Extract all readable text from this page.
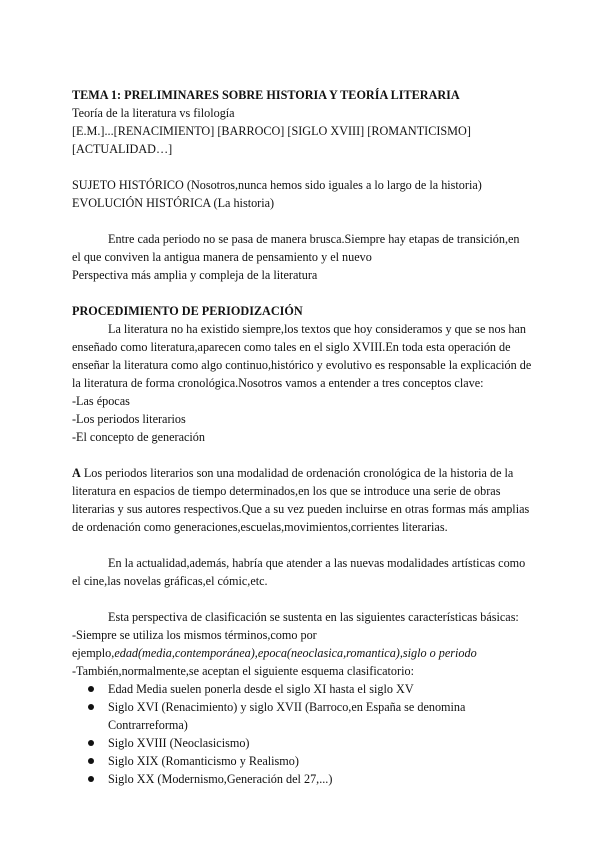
TEMA 1: PRELIMINARES SOBRE HISTORIA Y TEORÍA LITERARIA
Teoría de la literatura vs filología
[E.M.]...[RENACIMIENTO] [BARROCO] [SIGLO XVIII] [ROMANTICISMO]
[ACTUALIDAD…]
SUJETO HISTÓRICO (Nosotros,nunca hemos sido iguales a lo largo de la historia)
EVOLUCIÓN HISTÓRICA (La historia)
Entre cada periodo no se pasa de manera brusca.Siempre hay etapas de transición,en
el que conviven la antigua manera de pensamiento y el nuevo
Perspectiva más amplia y compleja de la literatura
PROCEDIMIENTO DE PERIODIZACIÓN
La literatura no ha existido siempre,los textos que hoy consideramos y que se nos han
enseñado como literatura,aparecen como tales en el siglo XVIII.En toda esta operación de
enseñar la literatura como algo continuo,histórico y evolutivo es responsable la explicación de
la literatura de forma cronológica.Nosotros vamos a entender a tres conceptos clave:
-Las épocas
-Los periodos literarios
-El concepto de generación
A Los periodos literarios son una modalidad de ordenación cronológica de la historia de la
literatura en espacios de tiempo determinados,en los que se introduce una serie de obras
literarias y sus autores respectivos.Que a su vez pueden incluirse en otras formas más amplias
de ordenación como generaciones,escuelas,movimientos,corrientes literarias.
En la actualidad,además, habría que atender a las nuevas modalidades artísticas como
el cine,las novelas gráficas,el cómic,etc.
Esta perspectiva de clasificación se sustenta en las siguientes características básicas:
-Siempre se utiliza los mismos términos,como por
ejemplo,edad(media,contemporánea),epoca(neoclasica,romantica),siglo o periodo
-También,normalmente,se aceptan el siguiente esquema clasificatorio:
Edad Media suelen ponerla desde el siglo XI hasta el siglo XV
Siglo XVI (Renacimiento) y siglo XVII (Barroco,en España se denomina
Contrarreforma)
Siglo XVIII (Neoclasicismo)
Siglo XIX (Romanticismo y Realismo)
Siglo XX (Modernismo,Generación del 27,...)
